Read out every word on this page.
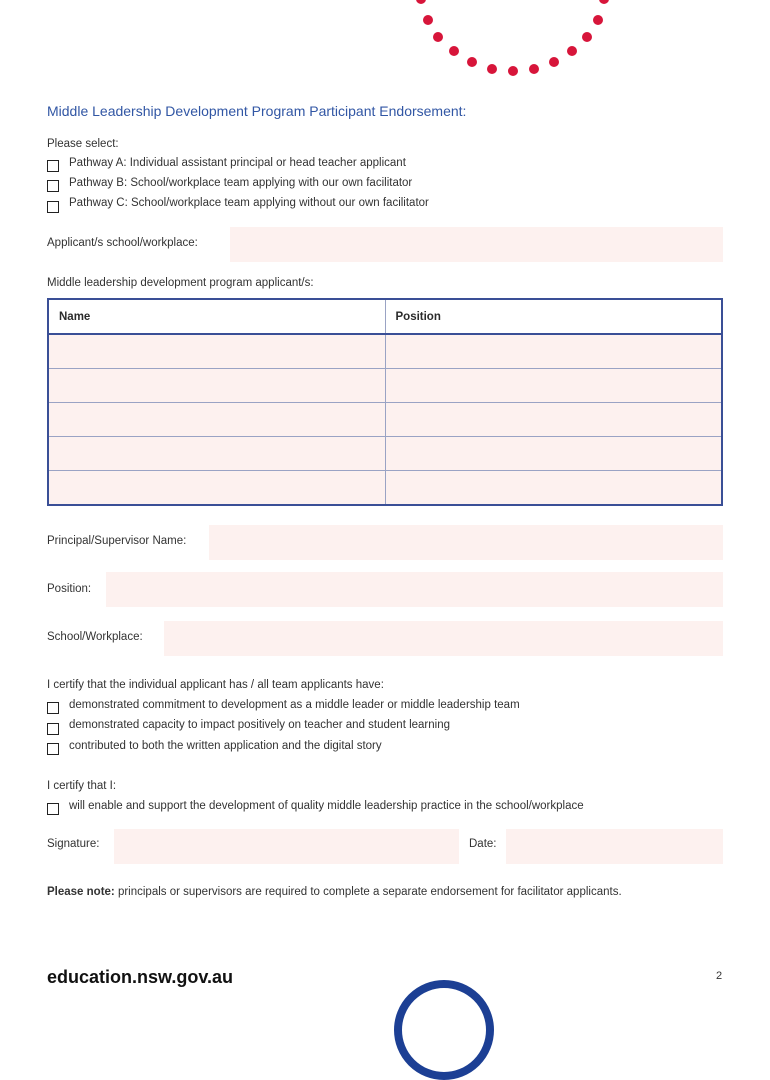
Middle Leadership Development Program Participant Endorsement:
Please select:
Pathway A: Individual assistant principal or head teacher applicant
Pathway B: School/workplace team applying with our own facilitator
Pathway C: School/workplace team applying without our own facilitator
Applicant/s school/workplace:
Middle leadership development program applicant/s:
Name	Position

Principal/Supervisor Name:
Position:
School/Workplace:
I certify that the individual applicant has / all team applicants have:
demonstrated commitment to development as a middle leader or middle leadership team
demonstrated capacity to impact positively on teacher and student learning
contributed to both the written application and the digital story
I certify that I:
will enable and support the development of quality middle leadership practice in the school/workplace
Signature:	Date:
Please note: principals or supervisors are required to complete a separate endorsement for facilitator applicants.
education.nsw.gov.au	2
